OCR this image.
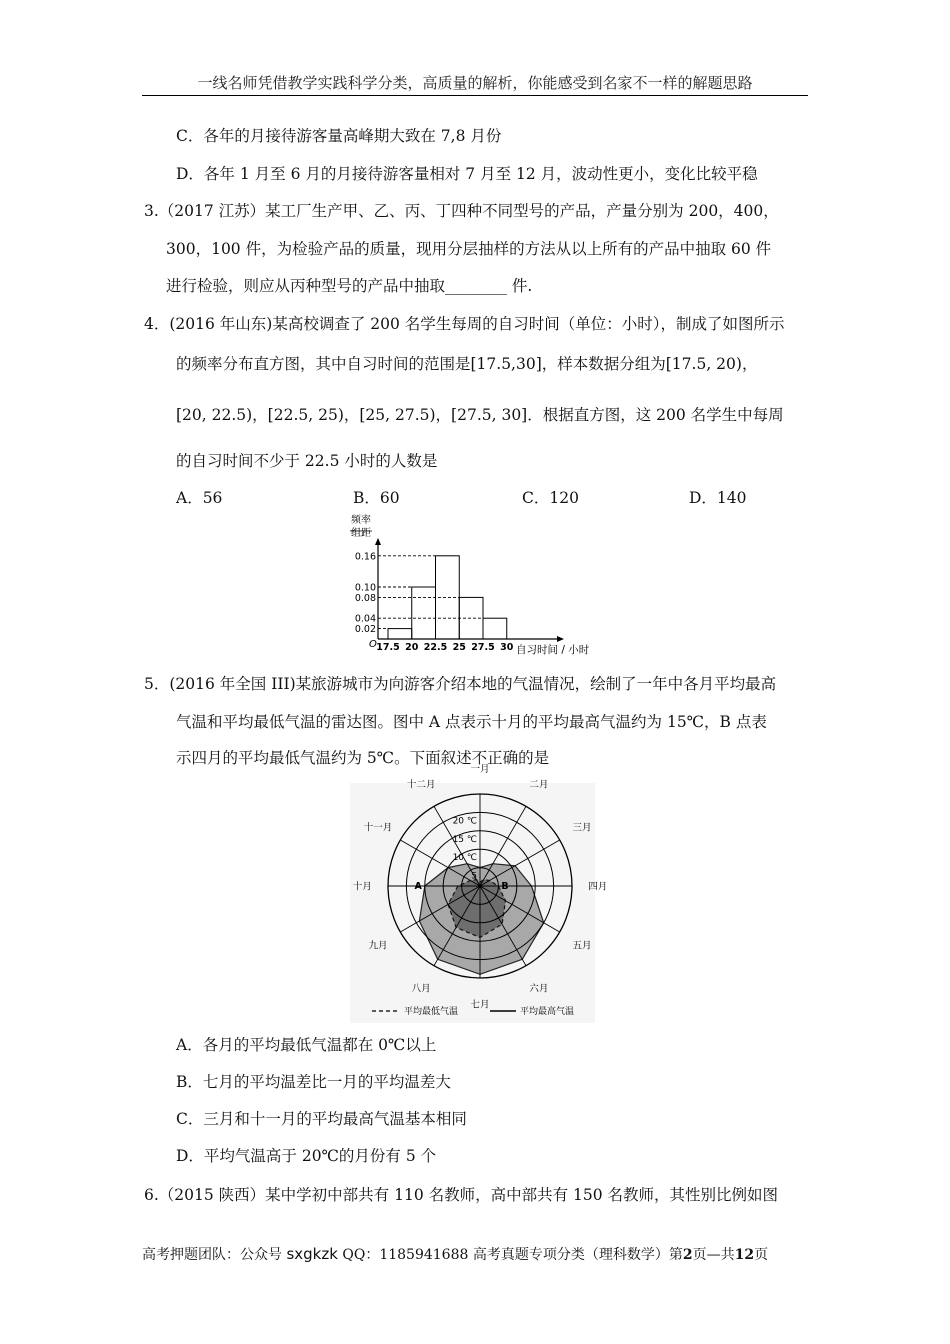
一线名师凭借教学实践科学分类，高质量的解析，你能感受到名家不一样的解题思路
C．各年的月接待游客量高峰期大致在 7,8 月份
D．各年 1 月至 6 月的月接待游客量相对 7 月至 12 月，波动性更小，变化比较平稳
3.（2017 江苏）某工厂生产甲、乙、丙、丁四种不同型号的产品，产量分别为 200，400，
300，100 件，为检验产品的质量，现用分层抽样的方法从以上所有的产品中抽取 60 件
进行检验，则应从丙种型号的产品中抽取________ 件.
4．(2016 年山东)某高校调查了 200 名学生每周的自习时间（单位：小时），制成了如图所示
的频率分布直方图，其中自习时间的范围是[17.5,30]，样本数据分组为[17.5, 20)，
[20, 22.5)，[22.5, 25)，[25, 27.5)，[27.5, 30]．根据直方图，这 200 名学生中每周
的自习时间不少于 22.5 小时的人数是
A．56	B．60	C．120	D．140
频率
组距
O
0.16
0.10
0.08
0.04
0.02
17.5 20 22.5 25 27.5 30 自习时间 / 小时
5．(2016 年全国 III)某旅游城市为向游客介绍本地的气温情况，绘制了一年中各月平均最高
气温和平均最低气温的雷达图。图中 A 点表示十月的平均最高气温约为 15℃，B 点表
示四月的平均最低气温约为 5℃。下面叙述不正确的是
20 ℃
15 ℃
10 ℃
5
一月
二月
三月
四月
五月
六月
七月
八月
九月
十月
十一月
十二月
A	B
平均最低气温	平均最高气温
A．各月的平均最低气温都在 0℃以上
B．七月的平均温差比一月的平均温差大
C．三月和十一月的平均最高气温基本相同
D．平均气温高于 20℃的月份有 5 个
6.（2015 陕西）某中学初中部共有 110 名教师，高中部共有 150 名教师，其性别比例如图
高考押题团队：公众号 sxgkzk QQ：1185941688 高考真题专项分类（理科数学）第2页—共12页
